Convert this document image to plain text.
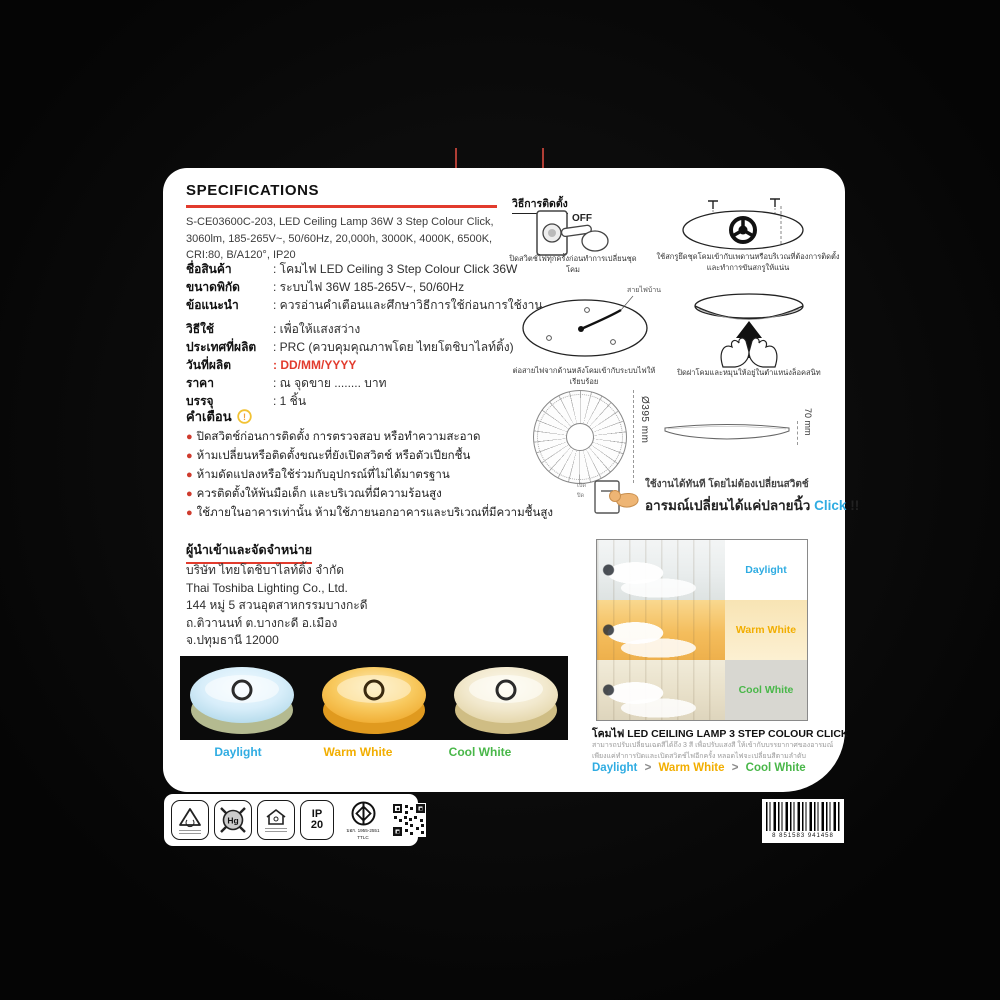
SPECIFICATIONS
S-CE03600C-203, LED Ceiling Lamp 36W 3 Step Colour Click, 3060lm, 185-265V~, 50/60Hz, 20,000h, 3000K, 4000K, 6500K, CRI:80, B/A120°, IP20
ชื่อสินค้า	: โคมไฟ LED Ceiling 3 Step Colour Click 36W
ขนาดพิกัด	: ระบบไฟ 36W 185-265V~, 50/60Hz
ข้อแนะนำ	: ควรอ่านคำเตือนและศึกษาวิธีการใช้ก่อนการใช้งาน
วิธีใช้	: เพื่อให้แสงสว่าง
ประเทศที่ผลิต	: PRC (ควบคุมคุณภาพโดย ไทยโตชิบาไลท์ติ้ง)
วันที่ผลิต	: DD/MM/YYYY
ราคา	: ณ จุดขาย ........ บาท
บรรจุ	: 1 ชิ้น
คำเตือน !
● ปิดสวิตช์ก่อนการติดตั้ง การตรวจสอบ หรือทำความสะอาด
● ห้ามเปลี่ยนหรือติดตั้งขณะที่ยังเปิดสวิตช์ หรือตัวเปียกชื้น
● ห้ามดัดแปลงหรือใช้ร่วมกับอุปกรณ์ที่ไม่ได้มาตรฐาน
● ควรติดตั้งให้พ้นมือเด็ก และบริเวณที่มีความร้อนสูง
● ใช้ภายในอาคารเท่านั้น ห้ามใช้ภายนอกอาคารและบริเวณที่มีความชื้นสูง
ผู้นำเข้าและจัดจำหน่าย
บริษัท ไทยโตชิบาไลท์ติ้ง จำกัด
Thai Toshiba Lighting Co., Ltd.
144 หมู่ 5 สวนอุตสาหกรรมบางกะดี
ถ.ติวานนท์ ต.บางกะดี อ.เมือง
จ.ปทุมธานี 12000
Daylight	Warm White	Cool White
วิธีการติดตั้ง
OFF
ปิดสวิตช์ไฟทุกครั้งก่อนทำการเปลี่ยนชุดโคม
ใช้สกรูยึดชุดโคมเข้ากับเพดานหรือบริเวณที่ต้องการติดตั้ง และทำการขันสกรูให้แน่น
สายไฟบ้าน
ต่อสายไฟจากด้านหลังโคมเข้ากับระบบไฟให้เรียบร้อย
ปิดฝาโคมและหมุนให้อยู่ในตำแหน่งล็อคสนิท
Ø395 mm	70 mm
เปิด
ปิด
ใช้งานได้ทันที โดยไม่ต้องเปลี่ยนสวิตช์
อารมณ์เปลี่ยนได้แค่ปลายนิ้ว Click !!
Daylight
Warm White
Cool White
โคมไฟ LED CEILING LAMP 3 STEP COLOUR CLICK
สามารถปรับเปลี่ยนเฉดสีได้ถึง 3 สี เพื่อปรับแสงสี ให้เข้ากับบรรยากาศของอารมณ์
เพียงแค่ทำการปิดและเปิดสวิตช์ไฟอีกครั้ง หลอดไฟจะเปลี่ยนสีตามลำดับ
Daylight > Warm White > Cool White
Hg
IP
20	มอก. 1955-2551
TTLC	8 851583 941458
